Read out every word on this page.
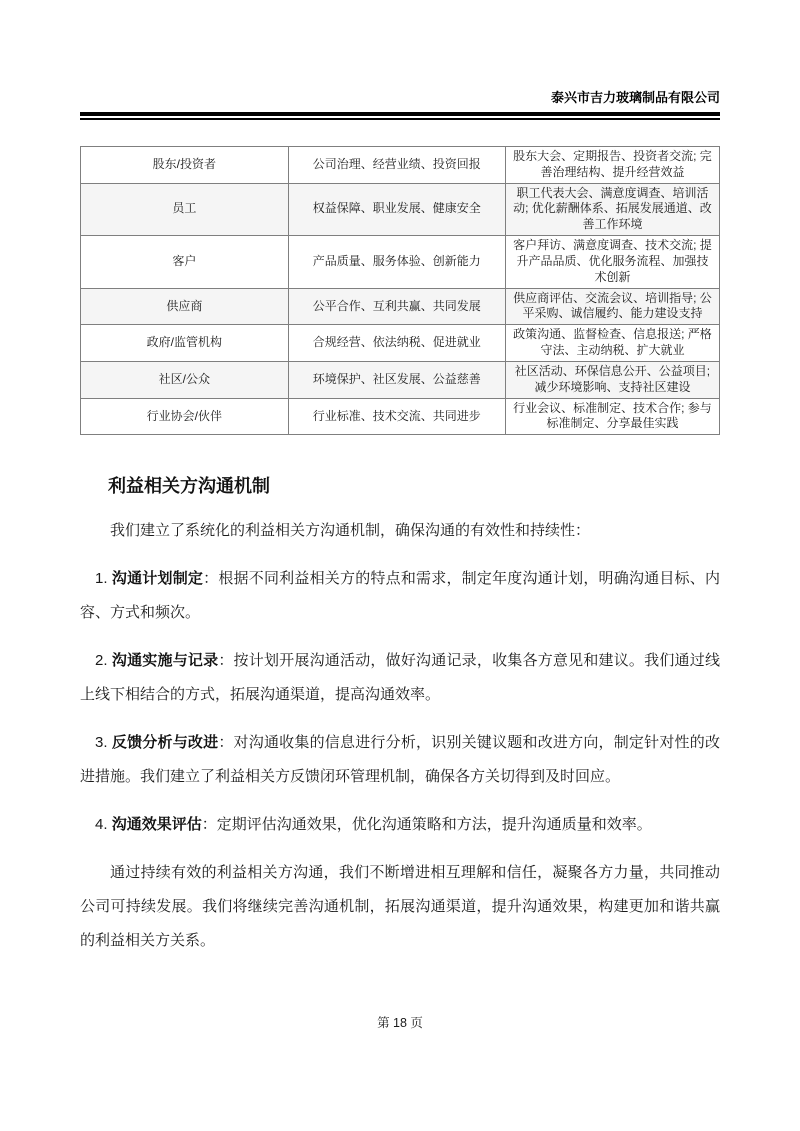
泰兴市吉力玻璃制品有限公司
股东/投资者	公司治理、经营业绩、投资回报	股东大会、定期报告、投资者交流; 完善治理结构、提升经营效益
员工	权益保障、职业发展、健康安全	职工代表大会、满意度调查、培训活动; 优化薪酬体系、拓展发展通道、改善工作环境
客户	产品质量、服务体验、创新能力	客户拜访、满意度调查、技术交流; 提升产品品质、优化服务流程、加强技术创新
供应商	公平合作、互利共赢、共同发展	供应商评估、交流会议、培训指导; 公平采购、诚信履约、能力建设支持
政府/监管机构	合规经营、依法纳税、促进就业	政策沟通、监督检查、信息报送; 严格守法、主动纳税、扩大就业
社区/公众	环境保护、社区发展、公益慈善	社区活动、环保信息公开、公益项目; 减少环境影响、支持社区建设
行业协会/伙伴	行业标准、技术交流、共同进步	行业会议、标准制定、技术合作; 参与标准制定、分享最佳实践
利益相关方沟通机制

我们建立了系统化的利益相关方沟通机制，确保沟通的有效性和持续性：

1. 沟通计划制定：根据不同利益相关方的特点和需求，制定年度沟通计划，明确沟通目标、内容、方式和频次。

2. 沟通实施与记录：按计划开展沟通活动，做好沟通记录，收集各方意见和建议。我们通过线上线下相结合的方式，拓展沟通渠道，提高沟通效率。

3. 反馈分析与改进：对沟通收集的信息进行分析，识别关键议题和改进方向，制定针对性的改进措施。我们建立了利益相关方反馈闭环管理机制，确保各方关切得到及时回应。

4. 沟通效果评估：定期评估沟通效果，优化沟通策略和方法，提升沟通质量和效率。

通过持续有效的利益相关方沟通，我们不断增进相互理解和信任，凝聚各方力量，共同推动公司可持续发展。我们将继续完善沟通机制，拓展沟通渠道，提升沟通效果，构建更加和谐共赢的利益相关方关系。

第 18 页
